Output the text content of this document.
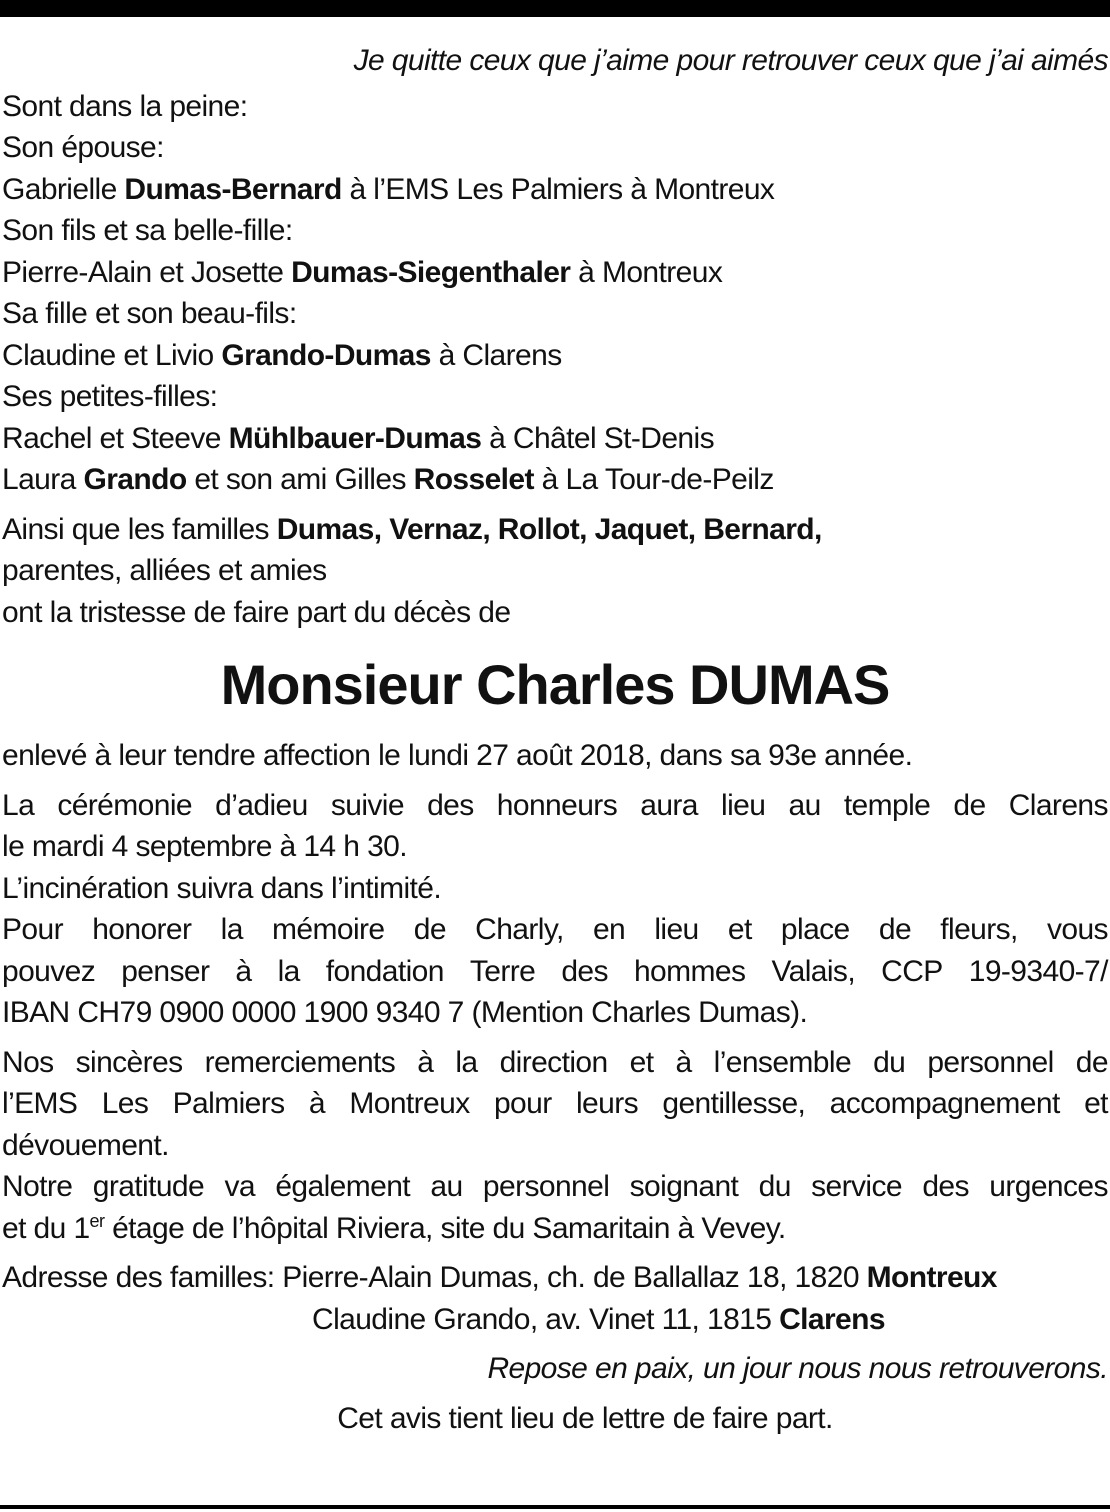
Je quitte ceux que j’aime pour retrouver ceux que j’ai aimés
Sont dans la peine:
Son épouse:
Gabrielle Dumas-Bernard à l’EMS Les Palmiers à Montreux
Son fils et sa belle-fille:
Pierre-Alain et Josette Dumas-Siegenthaler à Montreux
Sa fille et son beau-fils:
Claudine et Livio Grando-Dumas à Clarens
Ses petites-filles:
Rachel et Steeve Mühlbauer-Dumas à Châtel St-Denis
Laura Grando et son ami Gilles Rosselet à La Tour-de-Peilz
Ainsi que les familles Dumas, Vernaz, Rollot, Jaquet, Bernard,
parentes, alliées et amies
ont la tristesse de faire part du décès de
Monsieur Charles DUMAS
enlevé à leur tendre affection le lundi 27 août 2018, dans sa 93e année.
La cérémonie d’adieu suivie des honneurs aura lieu au temple de Clarens
le mardi 4 septembre à 14 h 30.
L’incinération suivra dans l’intimité.
Pour honorer la mémoire de Charly, en lieu et place de fleurs, vous
pouvez penser à la fondation Terre des hommes Valais, CCP 19-9340-7/
IBAN CH79 0900 0000 1900 9340 7 (Mention Charles Dumas).
Nos sincères remerciements à la direction et à l’ensemble du personnel de
l’EMS Les Palmiers à Montreux pour leurs gentillesse, accompagnement et
dévouement.
Notre gratitude va également au personnel soignant du service des urgences
et du 1er étage de l’hôpital Riviera, site du Samaritain à Vevey.
Adresse des familles: Pierre-Alain Dumas, ch. de Ballallaz 18, 1820 Montreux
Claudine Grando, av. Vinet 11, 1815 Clarens
Repose en paix, un jour nous nous retrouverons.
Cet avis tient lieu de lettre de faire part.
